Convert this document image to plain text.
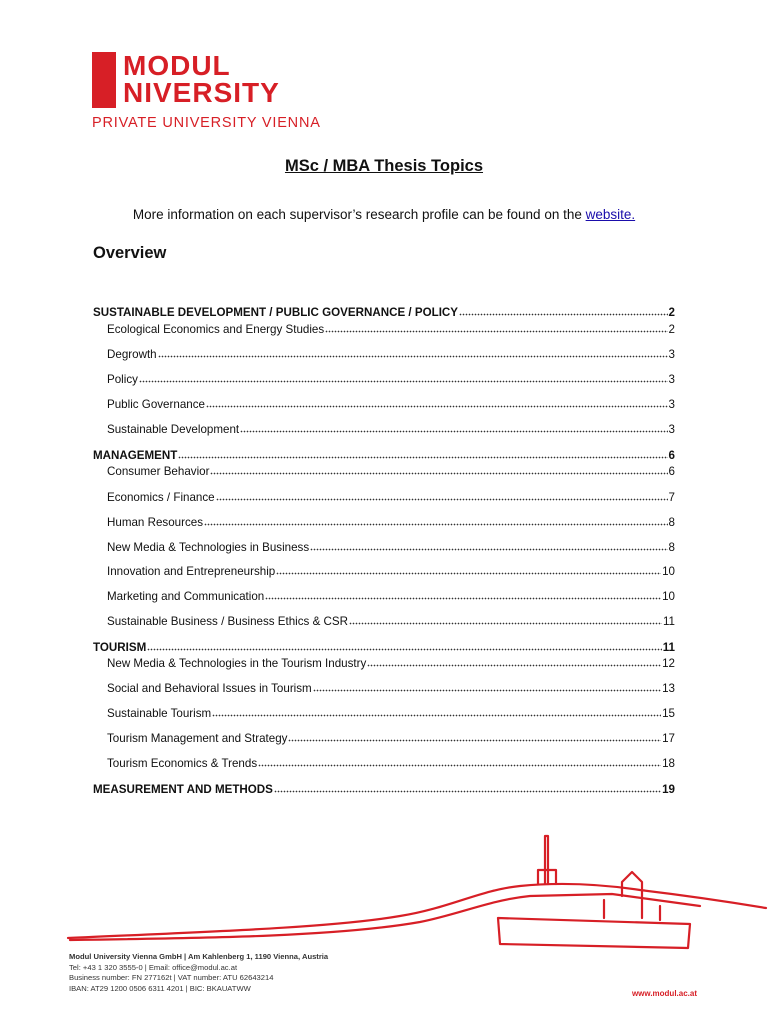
MODUL
NIVERSITY
PRIVATE UNIVERSITY VIENNA
MSc / MBA Thesis Topics
More information on each supervisor’s research profile can be found on the website.
Overview
SUSTAINABLE DEVELOPMENT / PUBLIC GOVERNANCE / POLICY	2
Ecological Economics and Energy Studies	2
Degrowth	3
Policy	3
Public Governance	3
Sustainable Development	3
MANAGEMENT	6
Consumer Behavior	6
Economics / Finance	7
Human Resources	8
New Media & Technologies in Business	8
Innovation and Entrepreneurship	10
Marketing and Communication	10
Sustainable Business / Business Ethics & CSR	11
TOURISM	11
New Media & Technologies in the Tourism Industry	12
Social and Behavioral Issues in Tourism	13
Sustainable Tourism	15
Tourism Management and Strategy	17
Tourism Economics & Trends	18
MEASUREMENT AND METHODS	19
Modul University Vienna GmbH | Am Kahlenberg 1, 1190 Vienna, Austria
Tel: +43 1 320 3555-0 | Email: office@modul.ac.at
Business number: FN 277162t | VAT number: ATU 62643214
IBAN: AT29 1200 0506 6311 4201 | BIC: BKAUATWW
www.modul.ac.at
